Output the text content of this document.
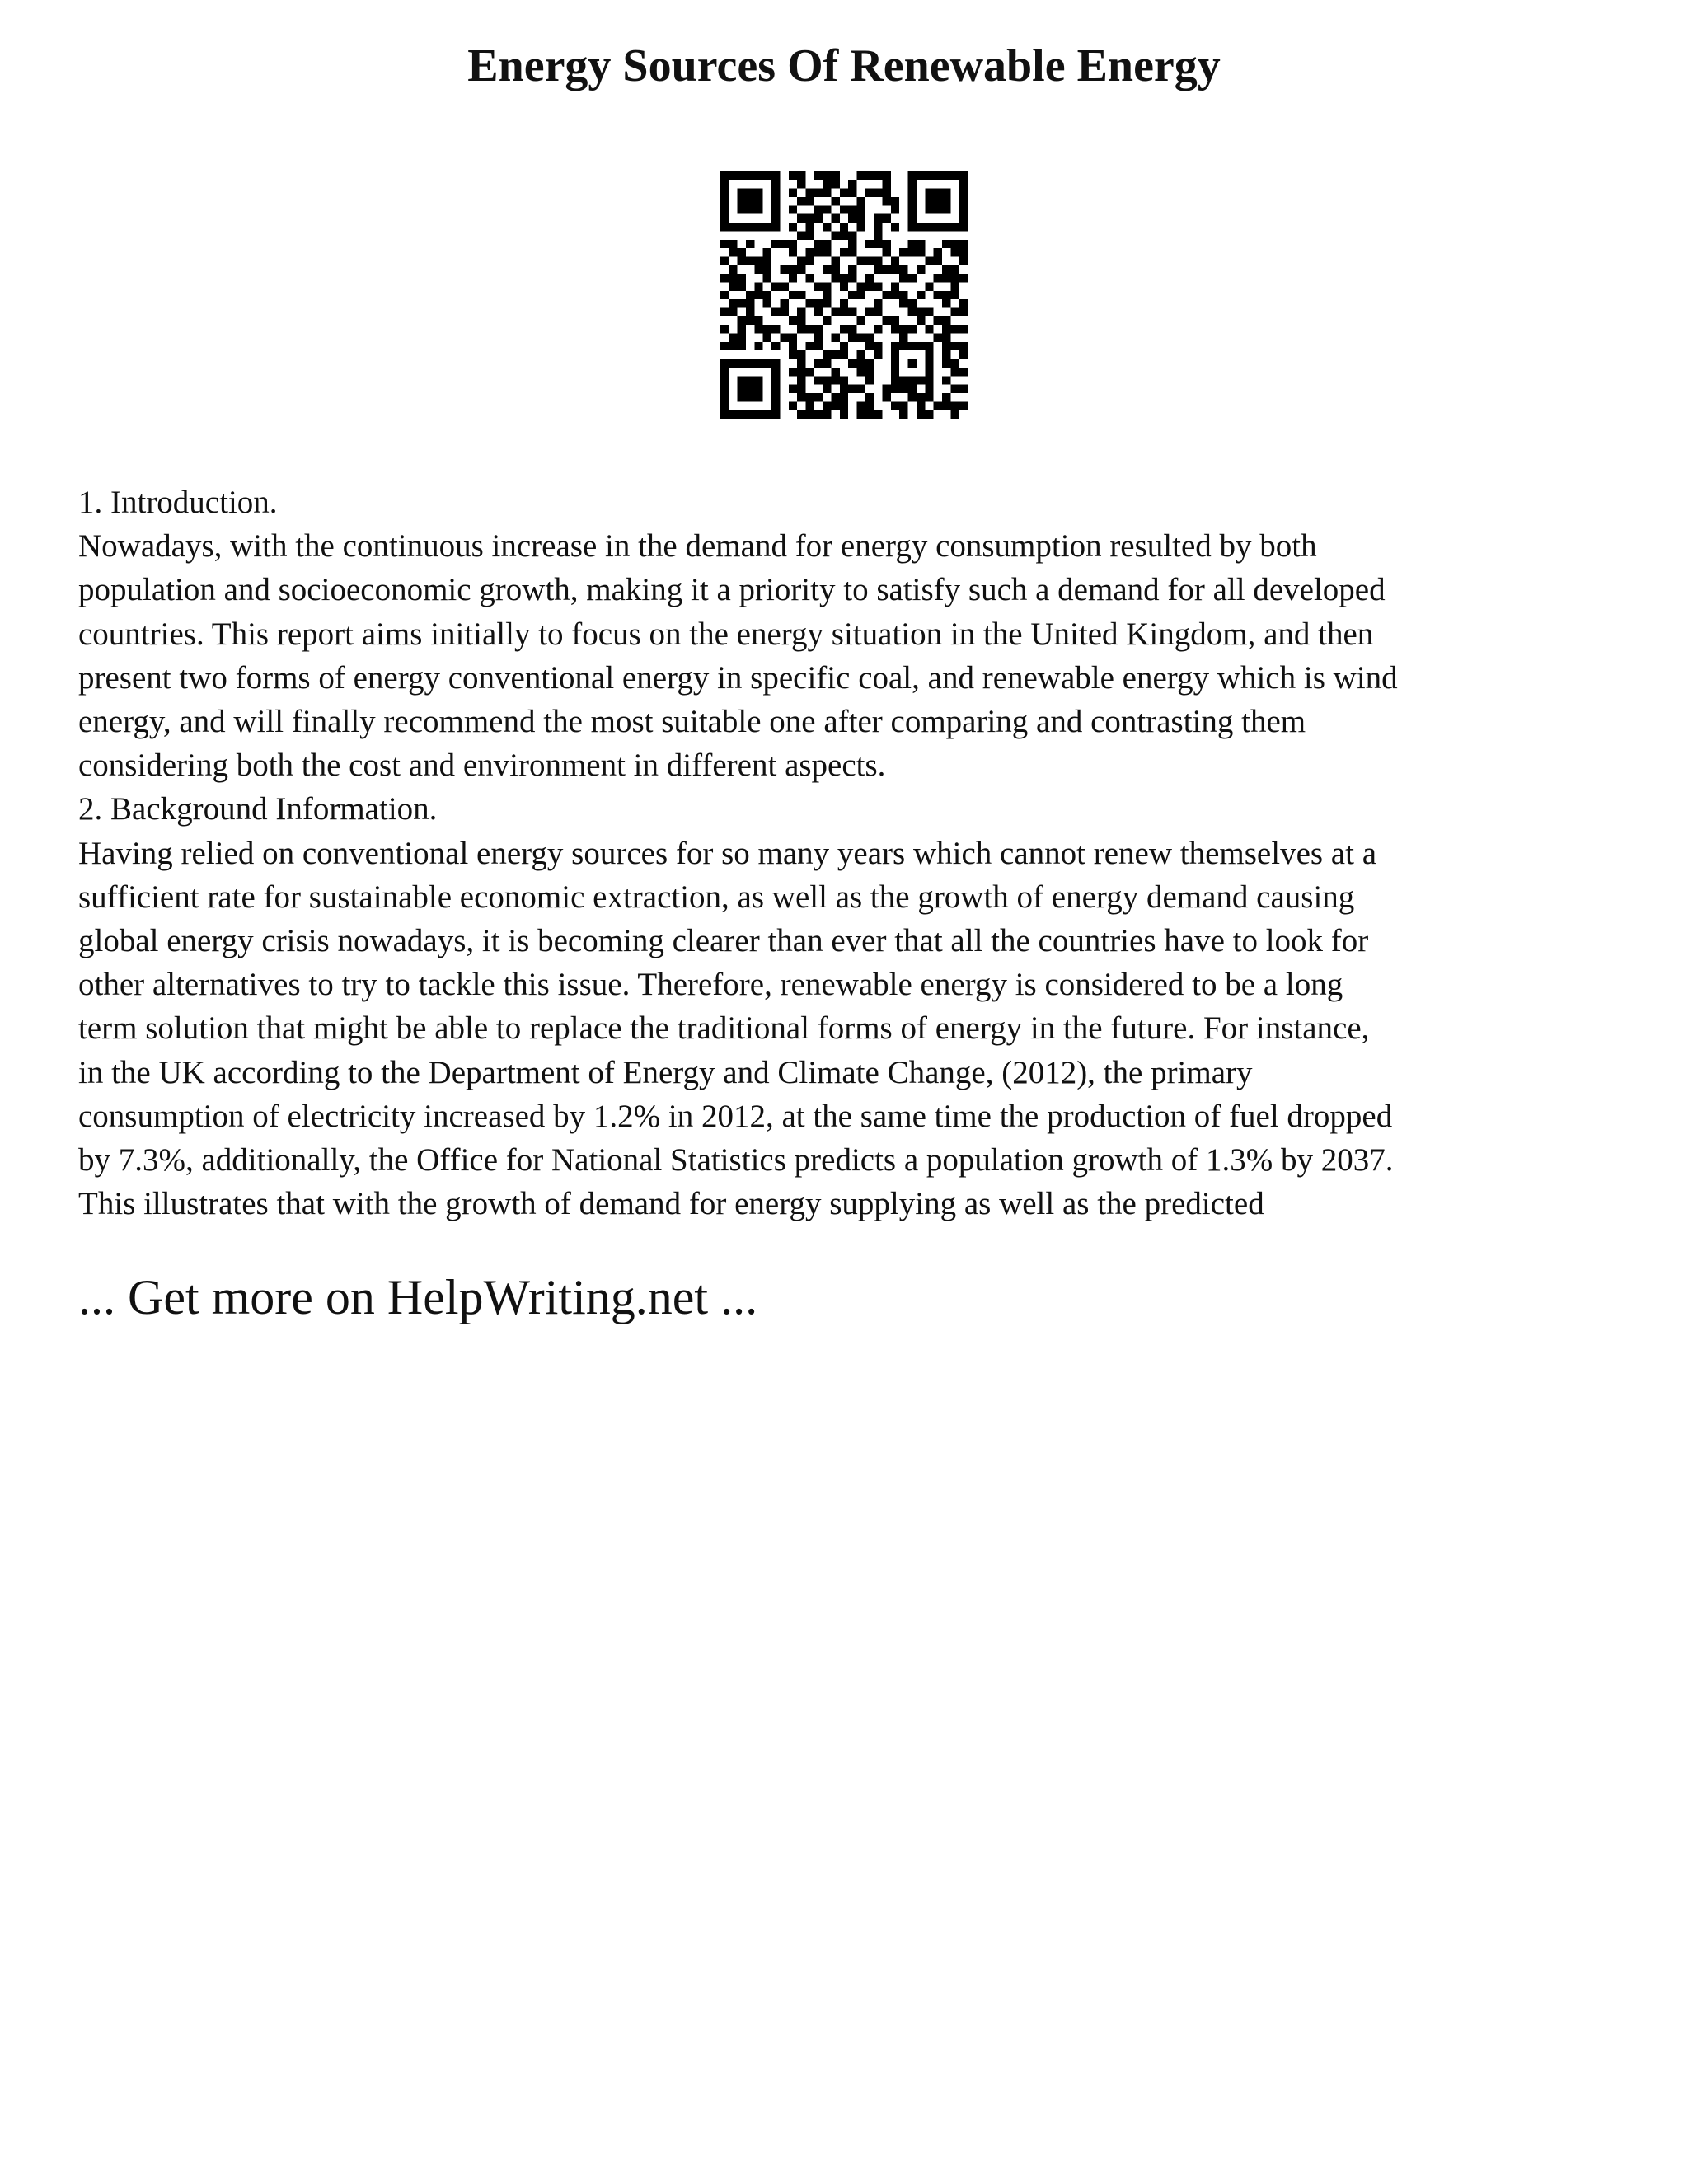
Energy Sources Of Renewable Energy
1. Introduction.
Nowadays, with the continuous increase in the demand for energy consumption resulted by both
population and socioeconomic growth, making it a priority to satisfy such a demand for all developed
countries. This report aims initially to focus on the energy situation in the United Kingdom, and then
present two forms of energy conventional energy in specific coal, and renewable energy which is wind
energy, and will finally recommend the most suitable one after comparing and contrasting them
considering both the cost and environment in different aspects.
2. Background Information.
Having relied on conventional energy sources for so many years which cannot renew themselves at a
sufficient rate for sustainable economic extraction, as well as the growth of energy demand causing
global energy crisis nowadays, it is becoming clearer than ever that all the countries have to look for
other alternatives to try to tackle this issue. Therefore, renewable energy is considered to be a long
term solution that might be able to replace the traditional forms of energy in the future. For instance,
in the UK according to the Department of Energy and Climate Change, (2012), the primary
consumption of electricity increased by 1.2% in 2012, at the same time the production of fuel dropped
by 7.3%, additionally, the Office for National Statistics predicts a population growth of 1.3% by 2037.
This illustrates that with the growth of demand for energy supplying as well as the predicted
... Get more on HelpWriting.net ...
